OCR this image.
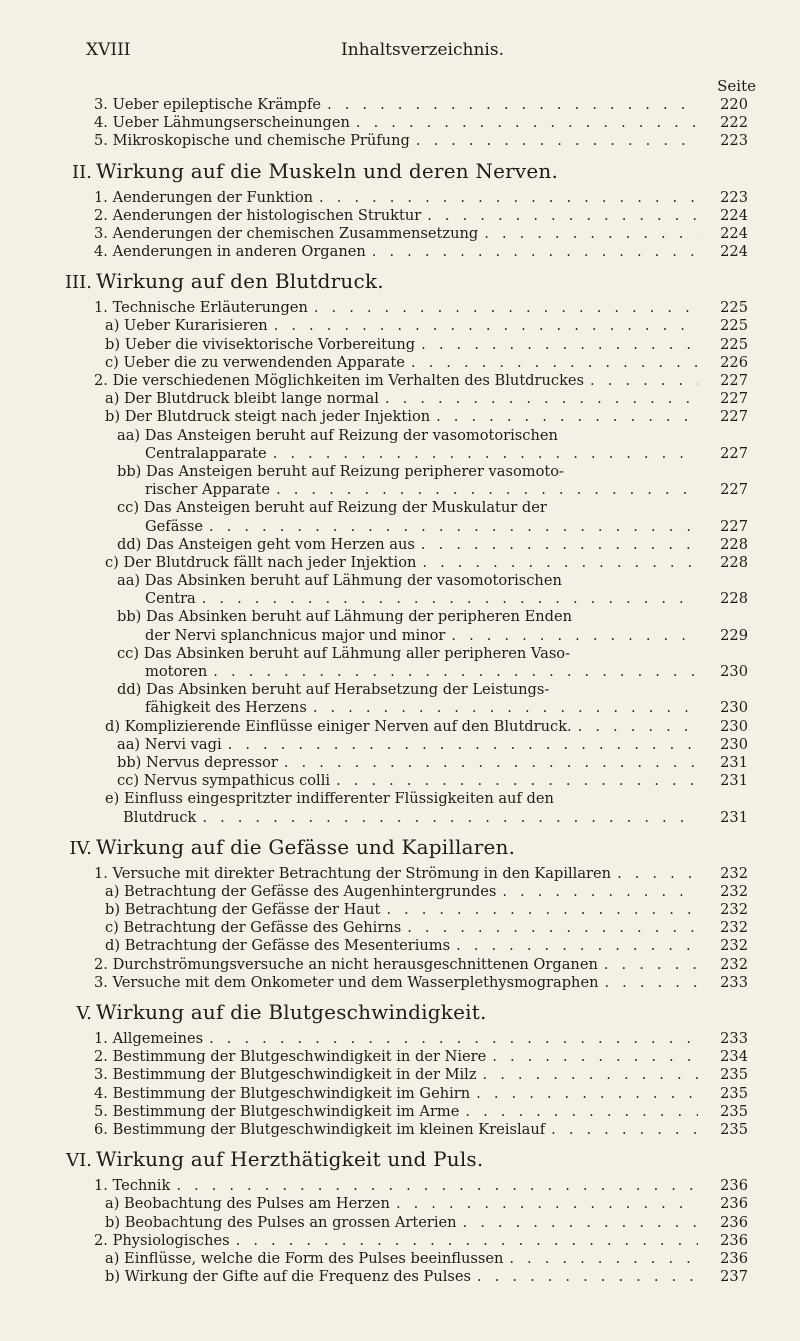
XVIII	Inhaltsverzeichnis.
Seite
3. Ueber epileptische Krämpfe . . .	220
4. Ueber Lähmungserscheinungen . . .	222
5. Mikroskopische und chemische Prüfung . . .	223
II. Wirkung auf die Muskeln und deren Nerven.
1. Aenderungen der Funktion . . .	223
2. Aenderungen der histologischen Struktur . . .	224
3. Aenderungen der chemischen Zusammensetzung . . .	224
4. Aenderungen in anderen Organen . . .	224
III. Wirkung auf den Blutdruck.
1. Technische Erläuterungen . . .	225
a) Ueber Kurarisieren . . .	225
b) Ueber die vivisektorische Vorbereitung . . .	225
c) Ueber die zu verwendenden Apparate . . .	226
2. Die verschiedenen Möglichkeiten im Verhalten des Blutdruckes . . .	227
a) Der Blutdruck bleibt lange normal . . .	227
b) Der Blutdruck steigt nach jeder Injektion . . .	227
aa) Das Ansteigen beruht auf Reizung der vasomotorischen
Centralapparate . . .	227
bb) Das Ansteigen beruht auf Reizung peripherer vasomoto-
rischer Apparate . . .	227
cc) Das Ansteigen beruht auf Reizung der Muskulatur der
Gefässe . . .	227
dd) Das Ansteigen geht vom Herzen aus . . .	228
c) Der Blutdruck fällt nach jeder Injektion . . .	228
aa) Das Absinken beruht auf Lähmung der vasomotorischen
Centra . . .	228
bb) Das Absinken beruht auf Lähmung der peripheren Enden
der Nervi splanchnicus major und minor . . .	229
cc) Das Absinken beruht auf Lähmung aller peripheren Vaso-
motoren . . .	230
dd) Das Absinken beruht auf Herabsetzung der Leistungs-
fähigkeit des Herzens . . .	230
d) Komplizierende Einflüsse einiger Nerven auf den Blutdruck. . . .	230
aa) Nervi vagi . . .	230
bb) Nervus depressor . . .	231
cc) Nervus sympathicus colli . . .	231
e) Einfluss eingespritzter indifferenter Flüssigkeiten auf den
Blutdruck . . .	231
IV. Wirkung auf die Gefässe und Kapillaren.
1. Versuche mit direkter Betrachtung der Strömung in den Kapillaren . . .	232
a) Betrachtung der Gefässe des Augenhintergrundes . . .	232
b) Betrachtung der Gefässe der Haut . . .	232
c) Betrachtung der Gefässe des Gehirns . . .	232
d) Betrachtung der Gefässe des Mesenteriums . . .	232
2. Durchströmungsversuche an nicht herausgeschnittenen Organen . . .	232
3. Versuche mit dem Onkometer und dem Wasserplethysmographen . . .	233
V. Wirkung auf die Blutgeschwindigkeit.
1. Allgemeines . . .	233
2. Bestimmung der Blutgeschwindigkeit in der Niere . . .	234
3. Bestimmung der Blutgeschwindigkeit in der Milz . . .	235
4. Bestimmung der Blutgeschwindigkeit im Gehirn . . .	235
5. Bestimmung der Blutgeschwindigkeit im Arme . . .	235
6. Bestimmung der Blutgeschwindigkeit im kleinen Kreislauf . . .	235
VI. Wirkung auf Herzthätigkeit und Puls.
1. Technik . . .	236
a) Beobachtung des Pulses am Herzen . . .	236
b) Beobachtung des Pulses an grossen Arterien . . .	236
2. Physiologisches . . .	236
a) Einflüsse, welche die Form des Pulses beeinflussen . . .	236
b) Wirkung der Gifte auf die Frequenz des Pulses . . .	237
